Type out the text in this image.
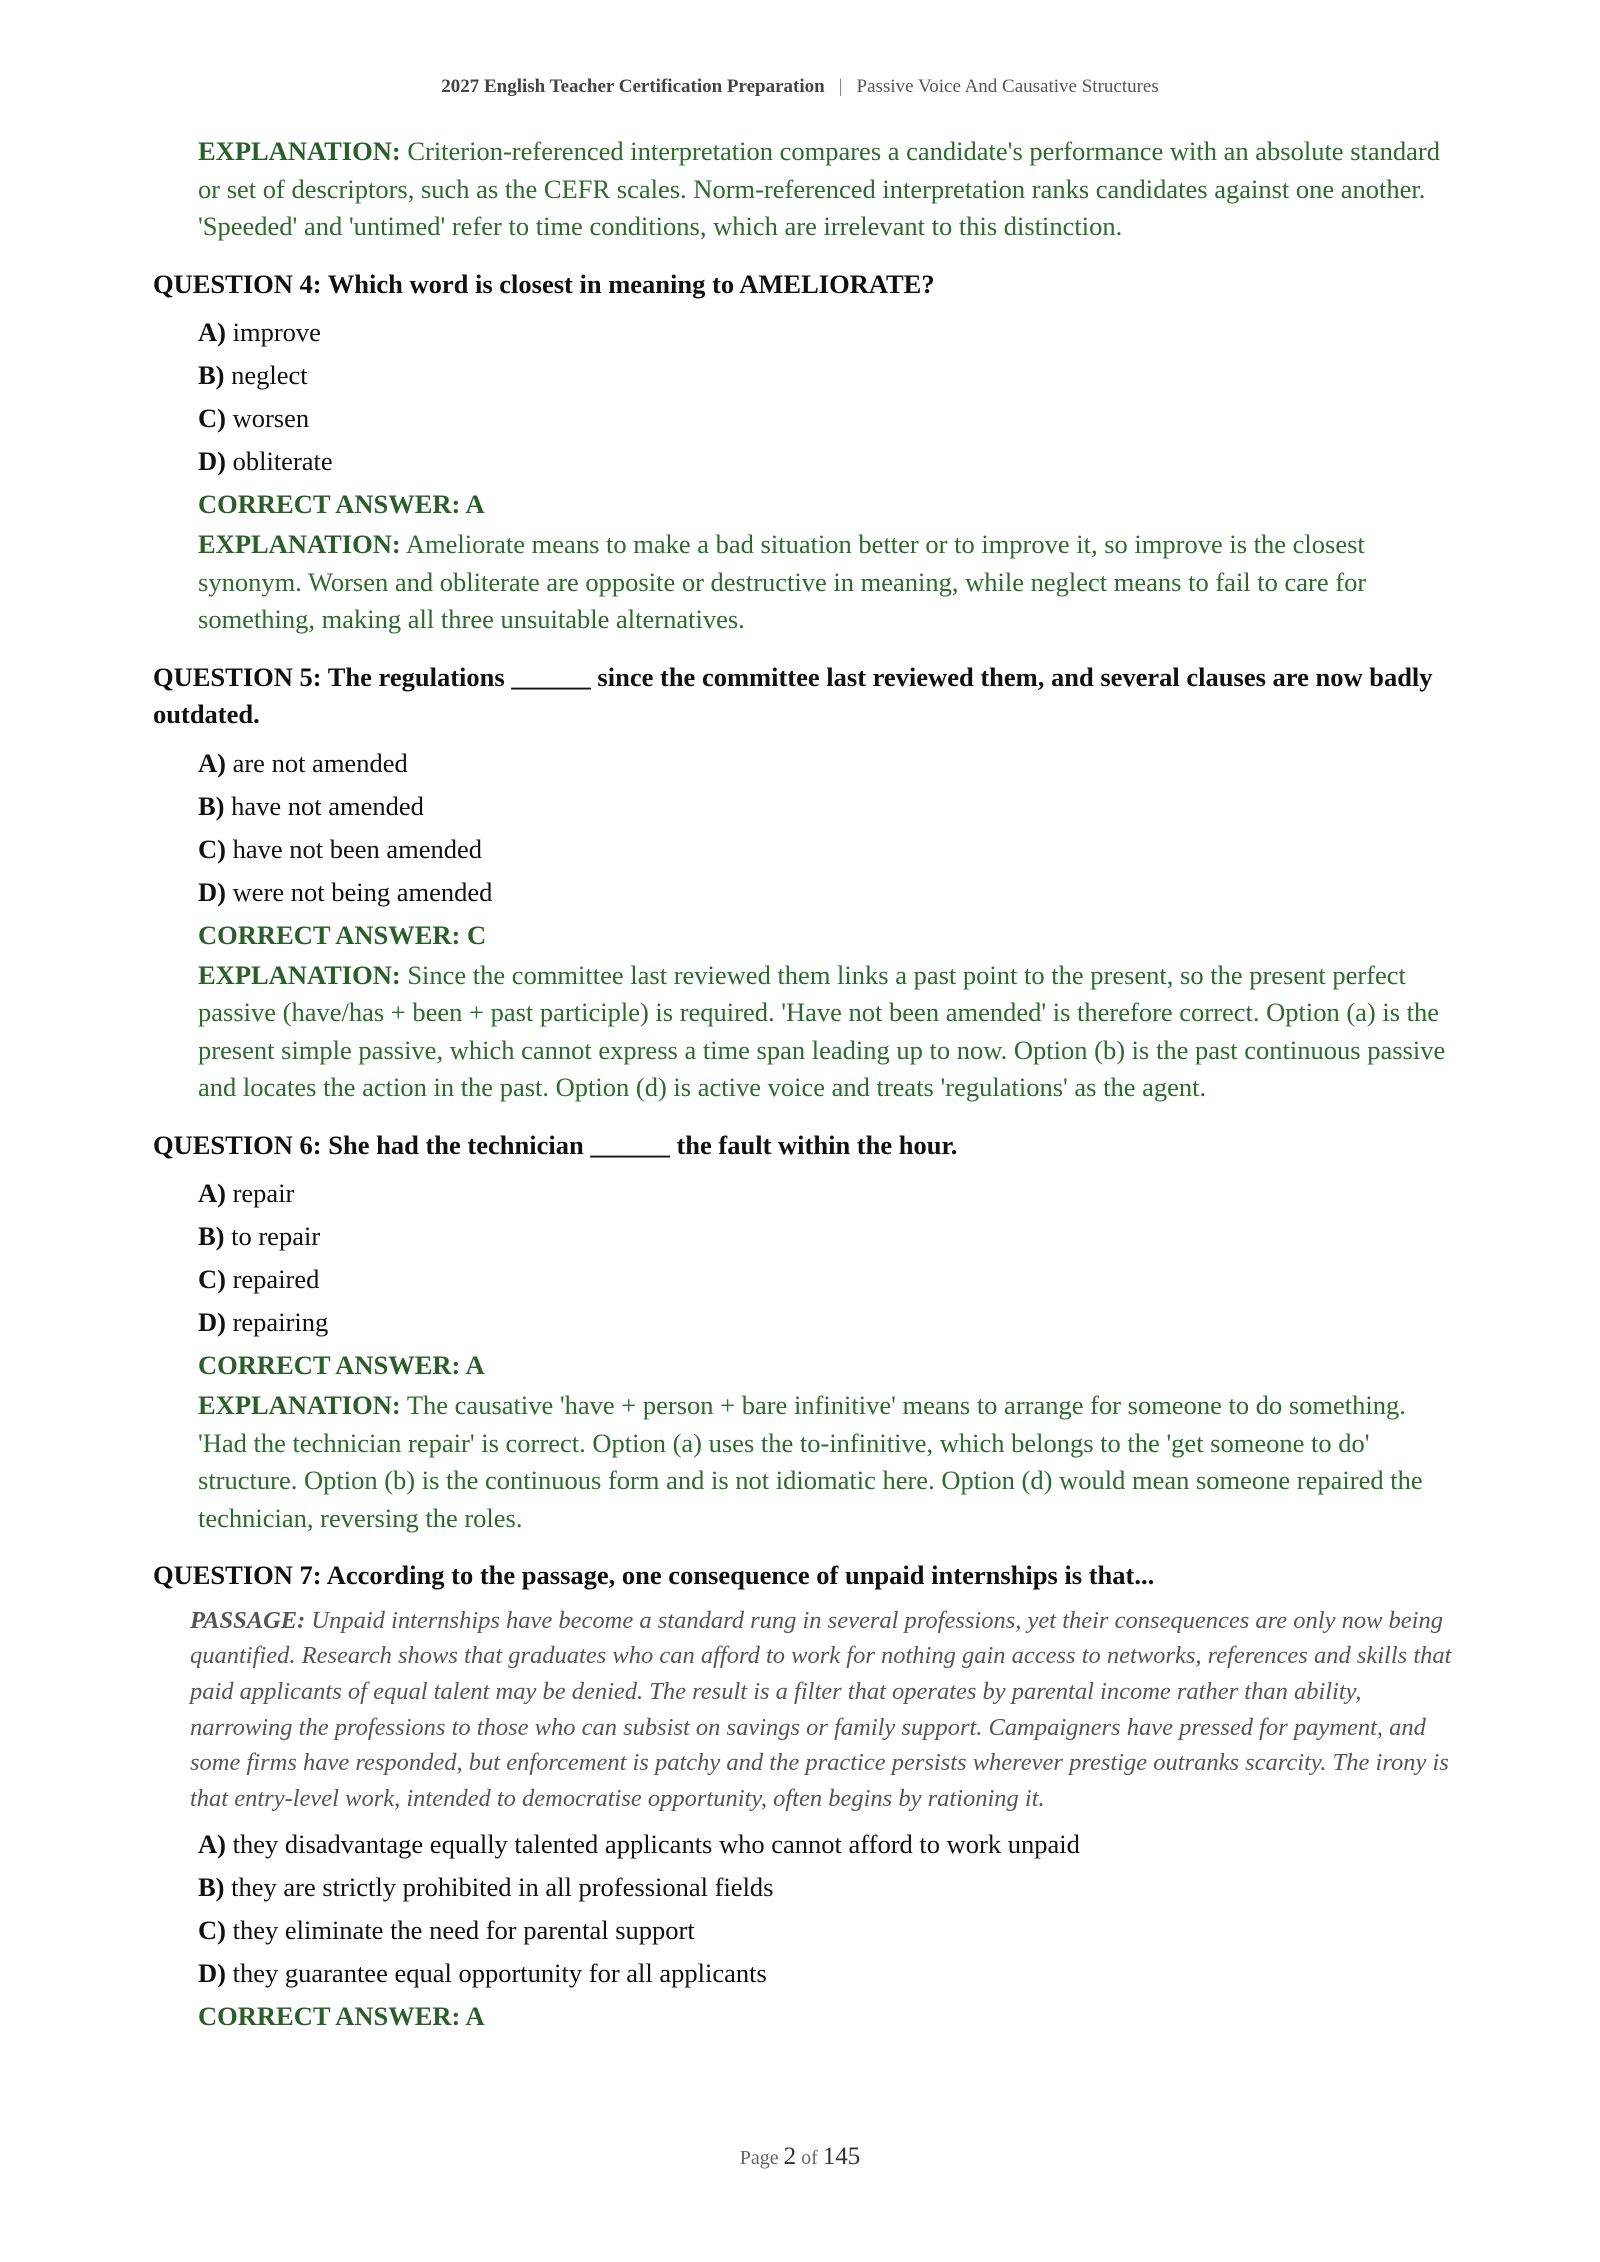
2027 English Teacher Certification Preparation | Passive Voice And Causative Structures
EXPLANATION: Criterion-referenced interpretation compares a candidate's performance with an absolute standard or set of descriptors, such as the CEFR scales. Norm-referenced interpretation ranks candidates against one another. 'Speeded' and 'untimed' refer to time conditions, which are irrelevant to this distinction.
QUESTION 4: Which word is closest in meaning to AMELIORATE?
A) improve
B) neglect
C) worsen
D) obliterate
CORRECT ANSWER: A
EXPLANATION: Ameliorate means to make a bad situation better or to improve it, so improve is the closest synonym. Worsen and obliterate are opposite or destructive in meaning, while neglect means to fail to care for something, making all three unsuitable alternatives.
QUESTION 5: The regulations ______ since the committee last reviewed them, and several clauses are now badly outdated.
A) are not amended
B) have not amended
C) have not been amended
D) were not being amended
CORRECT ANSWER: C
EXPLANATION: Since the committee last reviewed them links a past point to the present, so the present perfect passive (have/has + been + past participle) is required. 'Have not been amended' is therefore correct. Option (a) is the present simple passive, which cannot express a time span leading up to now. Option (b) is the past continuous passive and locates the action in the past. Option (d) is active voice and treats 'regulations' as the agent.
QUESTION 6: She had the technician ______ the fault within the hour.
A) repair
B) to repair
C) repaired
D) repairing
CORRECT ANSWER: A
EXPLANATION: The causative 'have + person + bare infinitive' means to arrange for someone to do something. 'Had the technician repair' is correct. Option (a) uses the to-infinitive, which belongs to the 'get someone to do' structure. Option (b) is the continuous form and is not idiomatic here. Option (d) would mean someone repaired the technician, reversing the roles.
QUESTION 7: According to the passage, one consequence of unpaid internships is that...
PASSAGE: Unpaid internships have become a standard rung in several professions, yet their consequences are only now being quantified. Research shows that graduates who can afford to work for nothing gain access to networks, references and skills that paid applicants of equal talent may be denied. The result is a filter that operates by parental income rather than ability, narrowing the professions to those who can subsist on savings or family support. Campaigners have pressed for payment, and some firms have responded, but enforcement is patchy and the practice persists wherever prestige outranks scarcity. The irony is that entry-level work, intended to democratise opportunity, often begins by rationing it.
A) they disadvantage equally talented applicants who cannot afford to work unpaid
B) they are strictly prohibited in all professional fields
C) they eliminate the need for parental support
D) they guarantee equal opportunity for all applicants
CORRECT ANSWER: A
Page 2 of 145
